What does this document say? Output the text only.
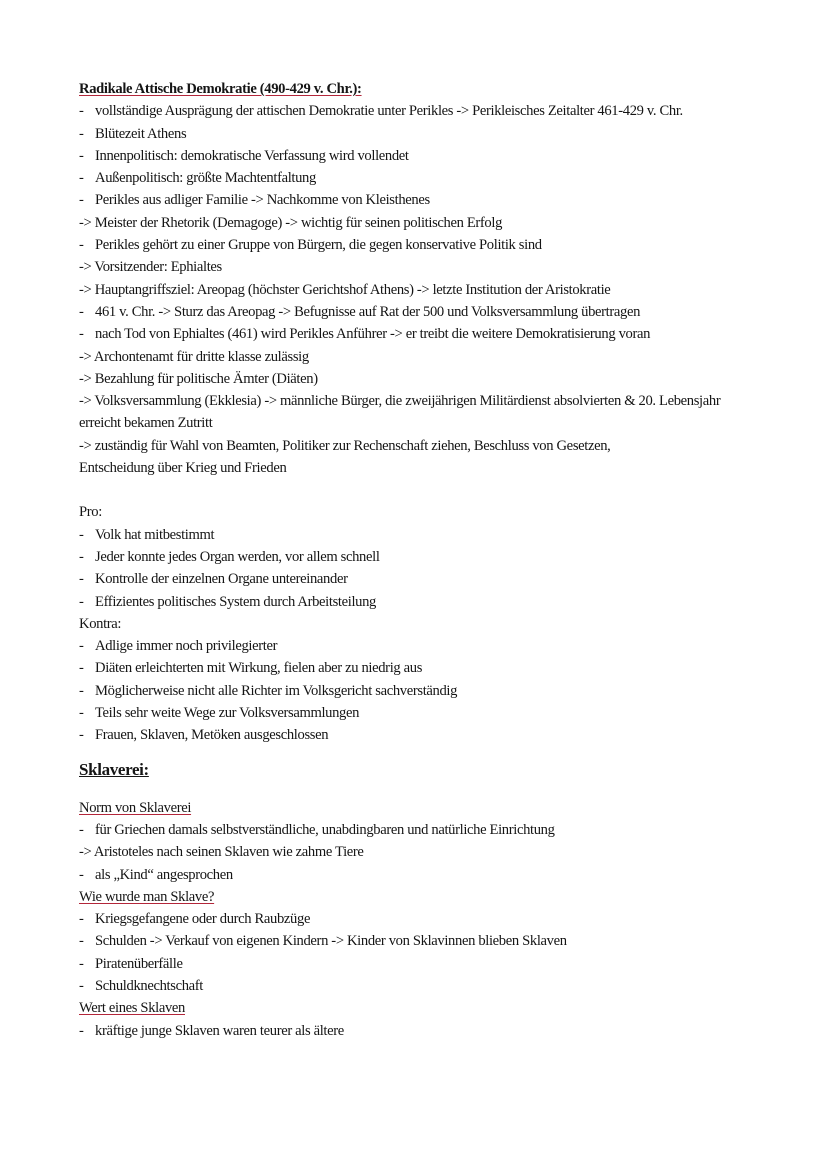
Radikale Attische Demokratie (490-429 v. Chr.):
- vollständige Ausprägung der attischen Demokratie unter Perikles -> Perikleisches Zeitalter 461-429 v. Chr.
- Blütezeit Athens
- Innenpolitisch: demokratische Verfassung wird vollendet
- Außenpolitisch: größte Machtentfaltung
- Perikles aus adliger Familie -> Nachkomme von Kleisthenes
-> Meister der Rhetorik (Demagoge) -> wichtig für seinen politischen Erfolg
- Perikles gehört zu einer Gruppe von Bürgern, die gegen konservative Politik sind
-> Vorsitzender: Ephialtes
-> Hauptangriffsziel: Areopag (höchster Gerichtshof Athens) -> letzte Institution der Aristokratie
- 461 v. Chr. -> Sturz das Areopag -> Befugnisse auf Rat der 500 und Volksversammlung übertragen
- nach Tod von Ephialtes (461) wird Perikles Anführer -> er treibt die weitere Demokratisierung voran
-> Archontenamt für dritte klasse zulässig
-> Bezahlung für politische Ämter (Diäten)
-> Volksversammlung (Ekklesia) -> männliche Bürger, die zweijährigen Militärdienst absolvierten & 20. Lebensjahr erreicht bekamen Zutritt
-> zuständig für Wahl von Beamten, Politiker zur Rechenschaft ziehen, Beschluss von Gesetzen, Entscheidung über Krieg und Frieden
Pro:
- Volk hat mitbestimmt
- Jeder konnte jedes Organ werden, vor allem schnell
- Kontrolle der einzelnen Organe untereinander
- Effizientes politisches System durch Arbeitsteilung
Kontra:
- Adlige immer noch privilegierter
- Diäten erleichterten mit Wirkung, fielen aber zu niedrig aus
- Möglicherweise nicht alle Richter im Volksgericht sachverständig
- Teils sehr weite Wege zur Volksversammlungen
- Frauen, Sklaven, Metöken ausgeschlossen
Sklaverei:
Norm von Sklaverei
- für Griechen damals selbstverständliche, unabdingbaren und natürliche Einrichtung
-> Aristoteles nach seinen Sklaven wie zahme Tiere
- als „Kind“ angesprochen
Wie wurde man Sklave?
- Kriegsgefangene oder durch Raubzüge
- Schulden -> Verkauf von eigenen Kindern -> Kinder von Sklavinnen blieben Sklaven
- Piratenüberfälle
- Schuldknechtschaft
Wert eines Sklaven
- kräftige junge Sklaven waren teurer als ältere
